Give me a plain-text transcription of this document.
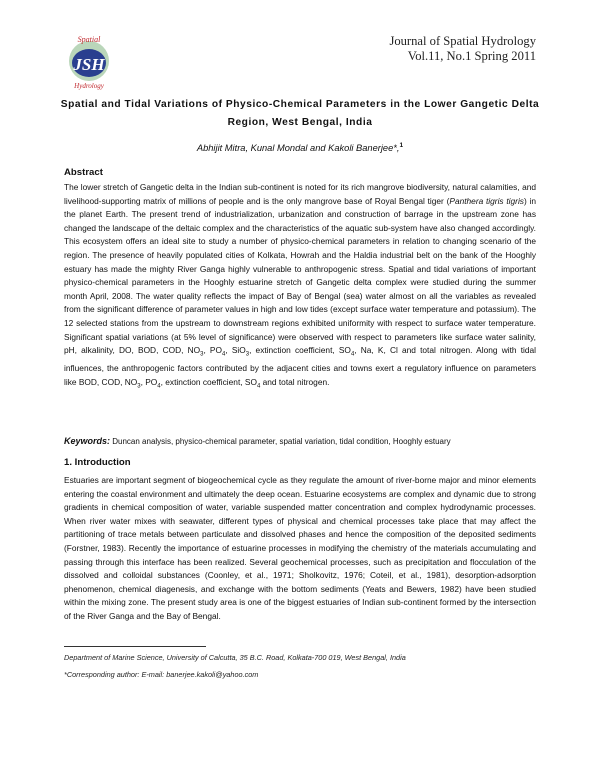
JSH
Spatial
Hydrology
Journal of Spatial Hydrology
Vol.11, No.1 Spring 2011
Spatial and Tidal Variations of Physico-Chemical Parameters in the Lower Gangetic Delta Region, West Bengal, India
Abhijit Mitra, Kunal Mondal and Kakoli Banerjee*,$^1$
Abstract
The lower stretch of Gangetic delta in the Indian sub-continent is noted for its rich mangrove biodiversity, natural calamities, and livelihood-supporting matrix of millions of people and is the only mangrove base of Royal Bengal tiger (Panthera tigris tigris) in the planet Earth. The present trend of industrialization, urbanization and construction of barrage in the upstream zone has changed the landscape of the deltaic complex and the characteristics of the aquatic sub-system have also changed accordingly. This ecosystem offers an ideal site to study a number of physico-chemical parameters in relation to changing scenario of the region. The presence of heavily populated cities of Kolkata, Howrah and the Haldia industrial belt on the bank of the Hooghly estuary has made the mighty River Ganga highly vulnerable to anthropogenic stress. Spatial and tidal variations of important physico-chemical parameters in the Hooghly estuarine stretch of Gangetic delta complex were studied during the summer month April, 2008. The water quality reflects the impact of Bay of Bengal (sea) water almost on all the variables as revealed from the significant difference of parameter values in high and low tides (except surface water temperature and potassium). The 12 selected stations from the upstream to downstream regions exhibited uniformity with respect to surface water temperature. Significant spatial variations (at 5% level of significance) were observed with respect to parameters like surface water salinity, pH, alkalinity, DO, BOD, COD, $NO_3$, $PO_4$, SiO$_3$, extinction coefficient, $SO_4$, Na, K, Cl and total nitrogen. Along with tidal influences, the anthropogenic factors contributed by the adjacent cities and towns exert a regulatory influence on parameters like BOD, COD, $NO_3$, $PO_4$, extinction coefficient, $SO_4$ and total nitrogen.
Keywords: Duncan analysis, physico-chemical parameter, spatial variation, tidal condition, Hooghly estuary
1. Introduction
Estuaries are important segment of biogeochemical cycle as they regulate the amount of river-borne major and minor elements entering the coastal environment and ultimately the deep ocean. Estuarine ecosystems are complex and dynamic due to strong gradients in chemical composition of water, variable suspended matter concentration and complex hydrodynamic processes. When river water mixes with seawater, different types of physical and chemical processes take place that may affect the partitioning of trace metals between particulate and dissolved phases and hence the composition of the deposited sediments (Forstner, 1983). Recently the importance of estuarine processes in modifying the chemistry of the materials accumulating and passing through this interface has been realized. Several geochemical processes, such as precipitation and flocculation of the dissolved and colloidal substances (Coonley, et al., 1971; Sholkovitz, 1976; Coteil, et al., 1981), desorption-adsorption phenomenon, chemical diagenesis, and exchange with the bottom sediments (Yeats and Bewers, 1982) have been studied within the mixing zone. The present study area is one of the biggest estuaries of Indian sub-continent formed by the intersection of the River Ganga and the Bay of Bengal.
Department of Marine Science, University of Calcutta, 35 B.C. Road, Kolkata-700 019, West Bengal, India
*Corresponding author: E-mail: banerjee.kakoli@yahoo.com
